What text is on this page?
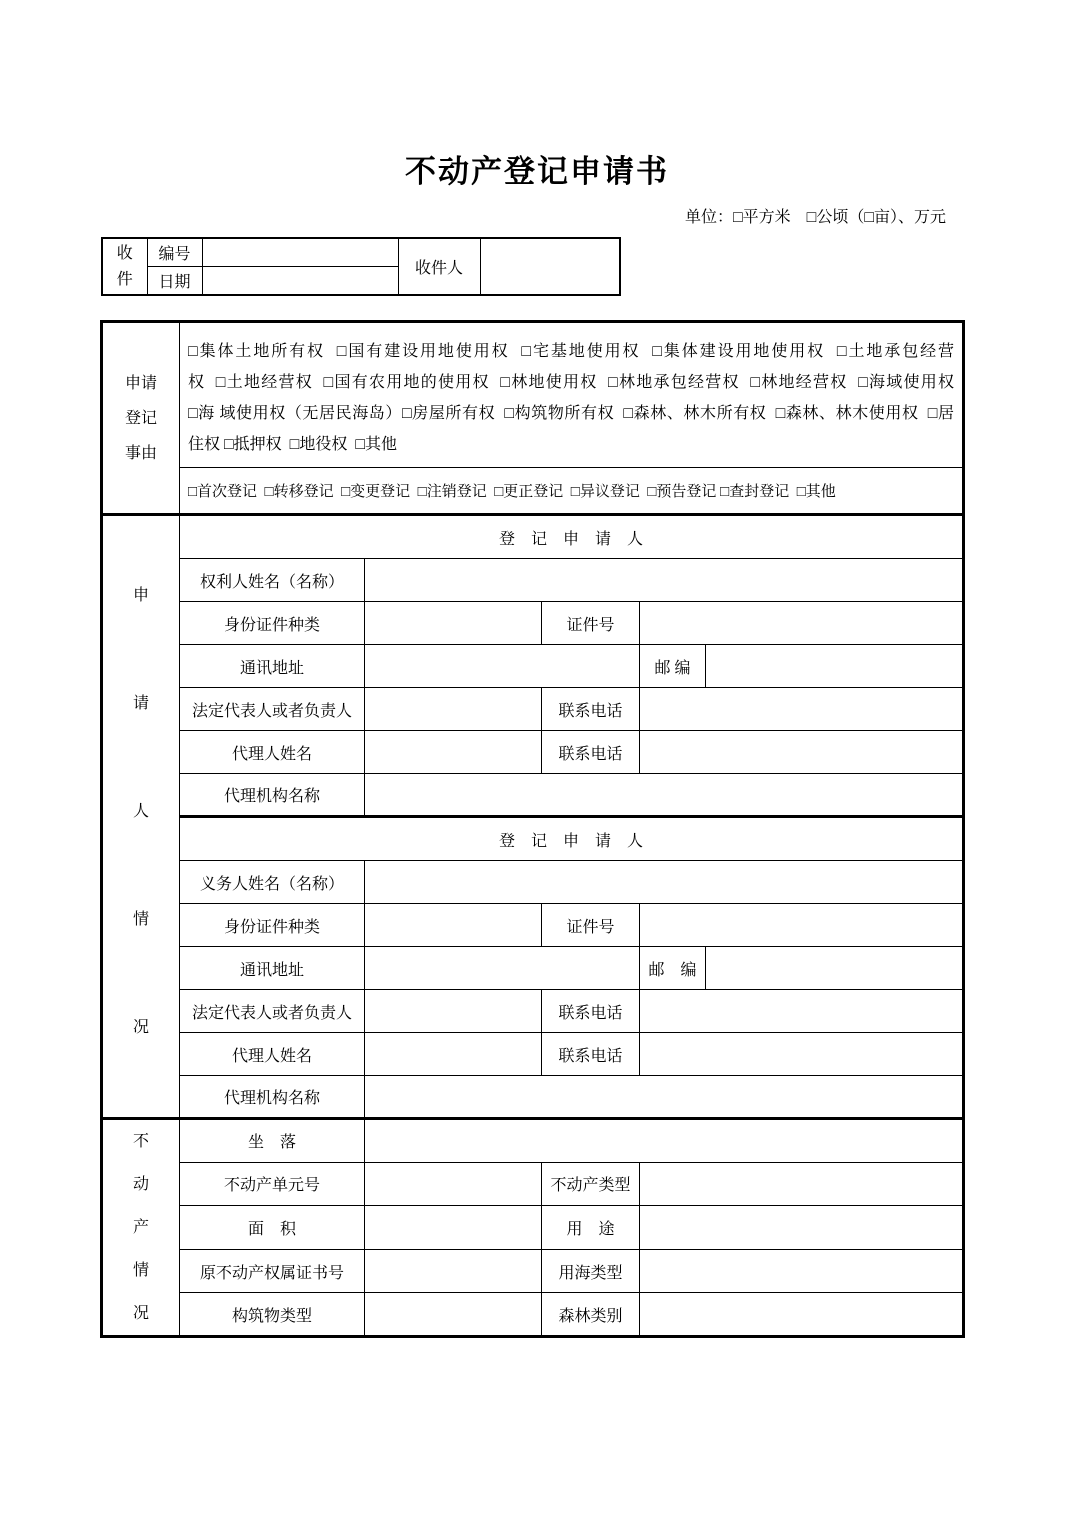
不动产登记申请书
单位：□平方米　□公顷（□亩）、万元
收件	编号		收件人	
	日期			
申请登记事由	□集体土地所有权  □国有建设用地使用权  □宅基地使用权  □集体建设用地使用权  □土地承包经营
权  □土地经营权  □国有农用地的使用权  □林地使用权  □林地承包经营权  □林地经营权  □海域使用权
□海 域使用权（无居民海岛）□房屋所有权  □构筑物所有权  □森林、林木所有权  □森林、林木使用权  □居
住权 □抵押权  □地役权  □其他				

	□首次登记  □转移登记  □变更登记  □注销登记  □更正登记  □异议登记  □预告登记 □查封登记  □其他				
申请人情况	登　记　申　请　人				
	权利人姓名（名称）				
	身份证件种类		证件号		
	通讯地址			邮 编	
	法定代表人或者负责人		联系电话		
	代理人姓名		联系电话		
	代理机构名称				
	登　记　申　请　人				
	义务人姓名（名称）				
	身份证件种类		证件号		
	通讯地址			邮　编	
	法定代表人或者负责人		联系电话		
	代理人姓名		联系电话		
	代理机构名称				
不动产情况	坐　落				
	不动产单元号		不动产类型		
	面　积		用　途		
	原不动产权属证书号		用海类型		
	构筑物类型		森林类别		
